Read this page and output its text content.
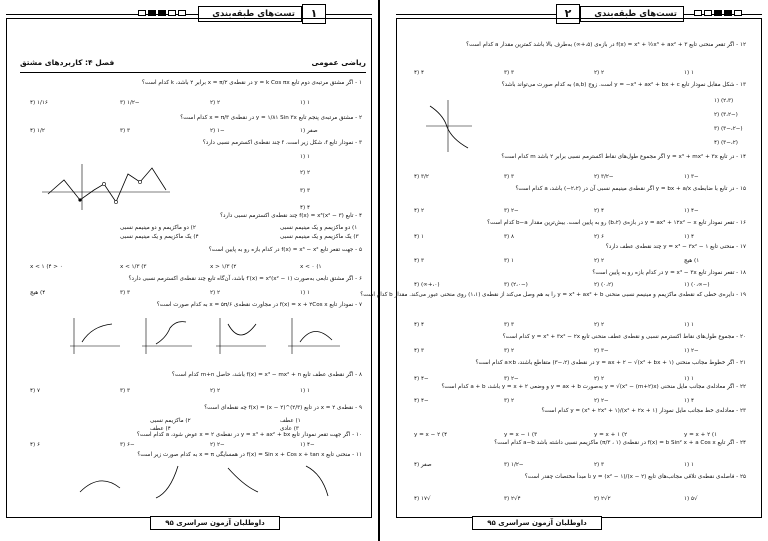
تست‌های طبقه‌بندی	۱
ریاضی عمومی
فصل ۴: کاربردهای مشتق
۱ - اگر مشتق مرتبه‌ی دوم تابع y = k Cos πx در نقطه‌ی x = π/۲ برابر ۲ باشد، k کدام است؟
۱ (۱
۲ (۲
−۱/۲ (۳
۱/۱۶ (۴
۲ - مشتق مرتبه‌ی پنجم تابع y = ۱/۸۱ Sin ۳x در نقطه‌ی x = π/۳ کدام است؟
صفر (۱
−۱ (۲
۳ (۳
۱/۲ (۴
۳ - نمودار تابع f، شکل زیر است. f چند نقطه‌ی اکسترمم نسبی دارد؟
۱ (۱
۲ (۲
۳ (۳
۴ (۴
۴ - تابع f(x) = x³(x² − ۳) چند نقطه‌ی اکسترمم نسبی دارد؟
۱) دو ماکزیمم و یک مینیمم نسبی
۲) دو ماکزیمم و دو مینیمم نسبی
۳) یک ماکزیمم و یک مینیمم نسبی
۴) یک ماکزیمم و یک مینیمم نسبی
۵ - جهت تقعر تابع f(x) = x³ − x² در کدام بازه رو به پایین است؟
x < ۰ (۱
x > ۱/۳ (۲
x < ۱/۳ (۳
۰ < x < ۱ (۴
۶ - اگر مشتق تابعی به‌صورت f′(x) = x²(x² − ۱) باشد، آن‌گاه تابع چند نقطه‌ی اکسترمم نسبی دارد؟
۱ (۱
۲ (۲
۳ (۳
۴) هیچ
۷ - نمودار تابع f(x) = x + ۲Cos x در مجاورت نقطه‌ی x = ۵π/۶ به کدام صورت است؟
۸ - اگر نقطه‌ی عطف تابع f(x) = x³ − mx² + n باشد، حاصل m+n کدام است؟
۱ (۱
۲ (۲
۳ (۳
۷ (۴
۹ - نقطه‌ی x = ۲ در تابع f(x) = (x − ۲)^(۲/۳) چه نقطه‌ای است؟
۱) عطف
۲) ماکزیمم نسبی
۳) عادی
۴) عطف
۱۰ - اگر جهت تقعر نمودار تابع y = x³ + ax² + bx در نقطه‌ی x = ۲ عوض شود، a کدام است؟
−۴ (۱
−۲ (۲
−۶ (۳
۶ (۴
۱۱ - منحنی تابع f(x) = Sin x + Cos x + tan x در همسایگی x = π به کدام صورت زیر است؟
داوطلبان آزمون سراسری ۹۵
۲	تست‌های طبقه‌بندی
۱۲ - اگر تقعر منحنی تابع f(x) = x⁴ + ½x³ + ax² + ۳ در بازه‌ی (۵،+∞) به‌طرف بالا باشد کمترین مقدار a کدام است؟
۱ (۱
۲ (۲
۳ (۳
۴ (۴
۱۳ - شکل مقابل نمودار تابع y = −x³ + ax² + bx + c است. زوج (a,b) به کدام صورت می‌تواند باشد؟
(۲،۳) (۱
(−۳،۲) (۲
(−۲،−۳) (۳
(۲،−۳) (۴
۱۴ - در تابع y = x³ + mx² + ۳x اگر مجموع طول‌های نقاط اکسترمم نسبی برابر ۲ باشد m کدام است؟
−۳ (۱
−۳/۲ (۲
۳ (۳
۳/۲ (۴
۱۵ - در تابع با ضابطه‌ی y = bx + a/x اگر نقطه‌ی مینیمم نسبی آن در (۲،۲−) باشد، a کدام است؟
−۴ (۱
۴ (۲
−۲ (۳
۲ (۴
۱۶ - تقعر نمودار تابع y = ax³ + ۱۲x² − x در بازه‌ی (۲،b) رو به پایین است. بیش‌ترین مقدار b−a کدام است؟
۴ (۱
۶ (۲
۸ (۳
۱ (۴
۱۷ - منحنی تابع y = x³ − ۳x² − ۱ چند نقطه‌ی عطف دارد؟
۱) هیچ
۲ (۲
۱ (۳
۳ (۴
۱۸ - تقعر نمودار تابع y = x³ − ۳x در کدام بازه رو به پایین است؟
(−∞،۰) (۱
(۰،۲) (۲
(−۲،۰) (۳
(۰،+∞) (۴
۱۹ - دایره‌ی خطی که نقطه‌ی ماکزیمم و مینیمم نسبی منحنی y = x³ + ax² + b را به هم وصل می‌کند از نقطه‌ی (۱،۱) روی منحنی عبور می‌کند. مقدار b کدام است؟
۱ (۱
۲ (۲
۳ (۳
۴ (۴
۲۰ - مجموع طول‌های نقاط اکسترمم نسبی و نقطه‌ی عطف منحنی تابع y = x³ + ۳x² − ۲x کدام است؟
−۲ (۱
−۳ (۲
۲ (۳
۳ (۴
۲۱ - اگر خطوط مجانب منحنی y = ax + ۲ − √(x² + bx + ۱) در نقطه‌ی (۲،−۳) متقاطع باشند، a×b کدام است؟
۱ (۱
۲ (۲
−۲ (۳
−۴ (۴
۲۲ - اگر معادله‌ی مجانب مایل منحنی y = √(x² − (m+۲)x) به‌صورت y = ax + b و وضعی y = x + ۲ باشد، a + b کدام است؟
۴ (۱
−۲ (۲
۲ (۳
−۴ (۴
۲۳ - معادله‌ی خط مجانب مایل نمودار y = (x³ + ۲x² + ۱)/(x² + ۲x + ۱) کدام است؟
y = x + ۲ (۱
y = x + ۱ (۲
y = x − ۱ (۳
y = x − ۲ (۴
۲۴ - اگر تابع f(x) = b Sin² x + a Cos x در نقطه‌ی (π/۳ ، ۱) ماکزیمم نسبی داشته باشد a−b کدام است؟
۱ (۱
۳ (۲
−۱/۲ (۳
صفر (۴
۲۵ - فاصله‌ی نقطه‌ی تلاقی مجانب‌های تابع y = (x² − ۱)/(x − ۲) تا مبدأ مختصات چقدر است؟
√۵ (۱
۲√۲ (۲
۴√۲ (۳
√۱۷ (۴
داوطلبان آزمون سراسری ۹۵
